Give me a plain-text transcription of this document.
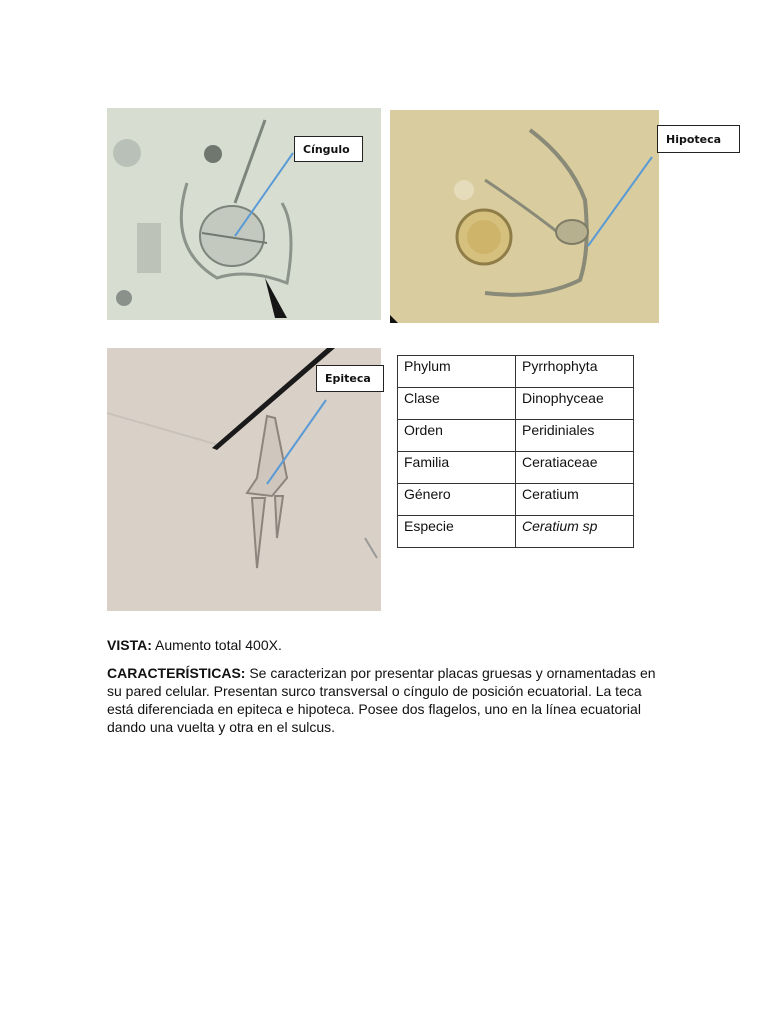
Cíngulo
Hipoteca
Epiteca
Phylum	Pyrrhophyta
Clase	Dinophyceae
Orden	Peridiniales
Familia	Ceratiaceae
Género	Ceratium
Especie	Ceratium sp

VISTA: Aumento total 400X.

CARACTERÍSTICAS: Se caracterizan por presentar placas gruesas y ornamentadas en su pared celular. Presentan surco transversal o cíngulo de posición ecuatorial. La teca está diferenciada en epiteca e hipoteca. Posee dos flagelos, uno en la línea ecuatorial dando una vuelta y otra en el sulcus.
